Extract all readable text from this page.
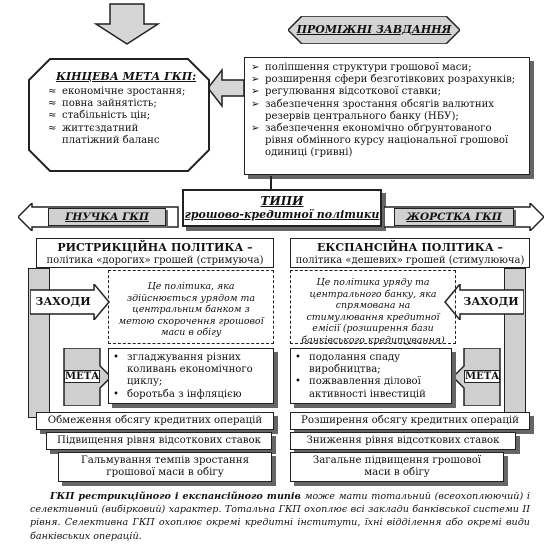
ПРОМІЖНІ ЗАВДАННЯ
КІНЦЕВА МЕТА ГКП:
≈ економічне зростання;
≈ повна зайнятість;
≈ стабільність цін;
≈ життєздатний платіжний баланс
➢ поліпшення структури грошової маси;
➢ розширення сфери безготівкових розрахунків;
➢ регулювання відсоткової ставки;
➢ забезпечення зростання обсягів валютних резервів центрального банку (НБУ);
➢ забезпечення економічно обґрунтованого рівня обмінного курсу національної грошової одиниці (гривні)
ТИПИ
грошово-кредитної політики
ГНУЧКА ГКП	ЖОРСТКА ГКП
РИСТРИКЦІЙНА ПОЛІТИКА –
політика «дорогих» грошей (стримуюча)
ЕКСПАНСІЙНА ПОЛІТИКА –
політика «дешевих» грошей (стимулююча)
ЗАХОДИ
Це політика, яка здійснюється урядом та центральним банком з метою скорочення грошової маси в обігу
МЕТА
• згладжування різних коливань економічного циклу;
• боротьба з інфляцією
ЗАХОДИ
Це політика уряду та центрального банку, яка спрямована на стимулювання кредитної емісії (розширення бази банківського кредитування)
МЕТА
• подолання спаду виробництва;
• пожвавлення ділової активності інвестицій
Обмеження обсягу кредитних операцій
Підвищення рівня відсоткових ставок
Гальмування темпів зростання грошової маси в обігу
Розширення обсягу кредитних операцій
Зниження рівня відсоткових ставок
Загальне підвищення грошової маси в обігу
ГКП рестрикційного і експансійного типів може мати тотальний (всеохоплюючий) і селективний (вибірковий) характер. Тотальна ГКП охоплює всі заклади банківської системи II рівня. Селективна ГКП охоплює окремі кредитні інститути, їхні відділення або окремі види банківських операцій.
